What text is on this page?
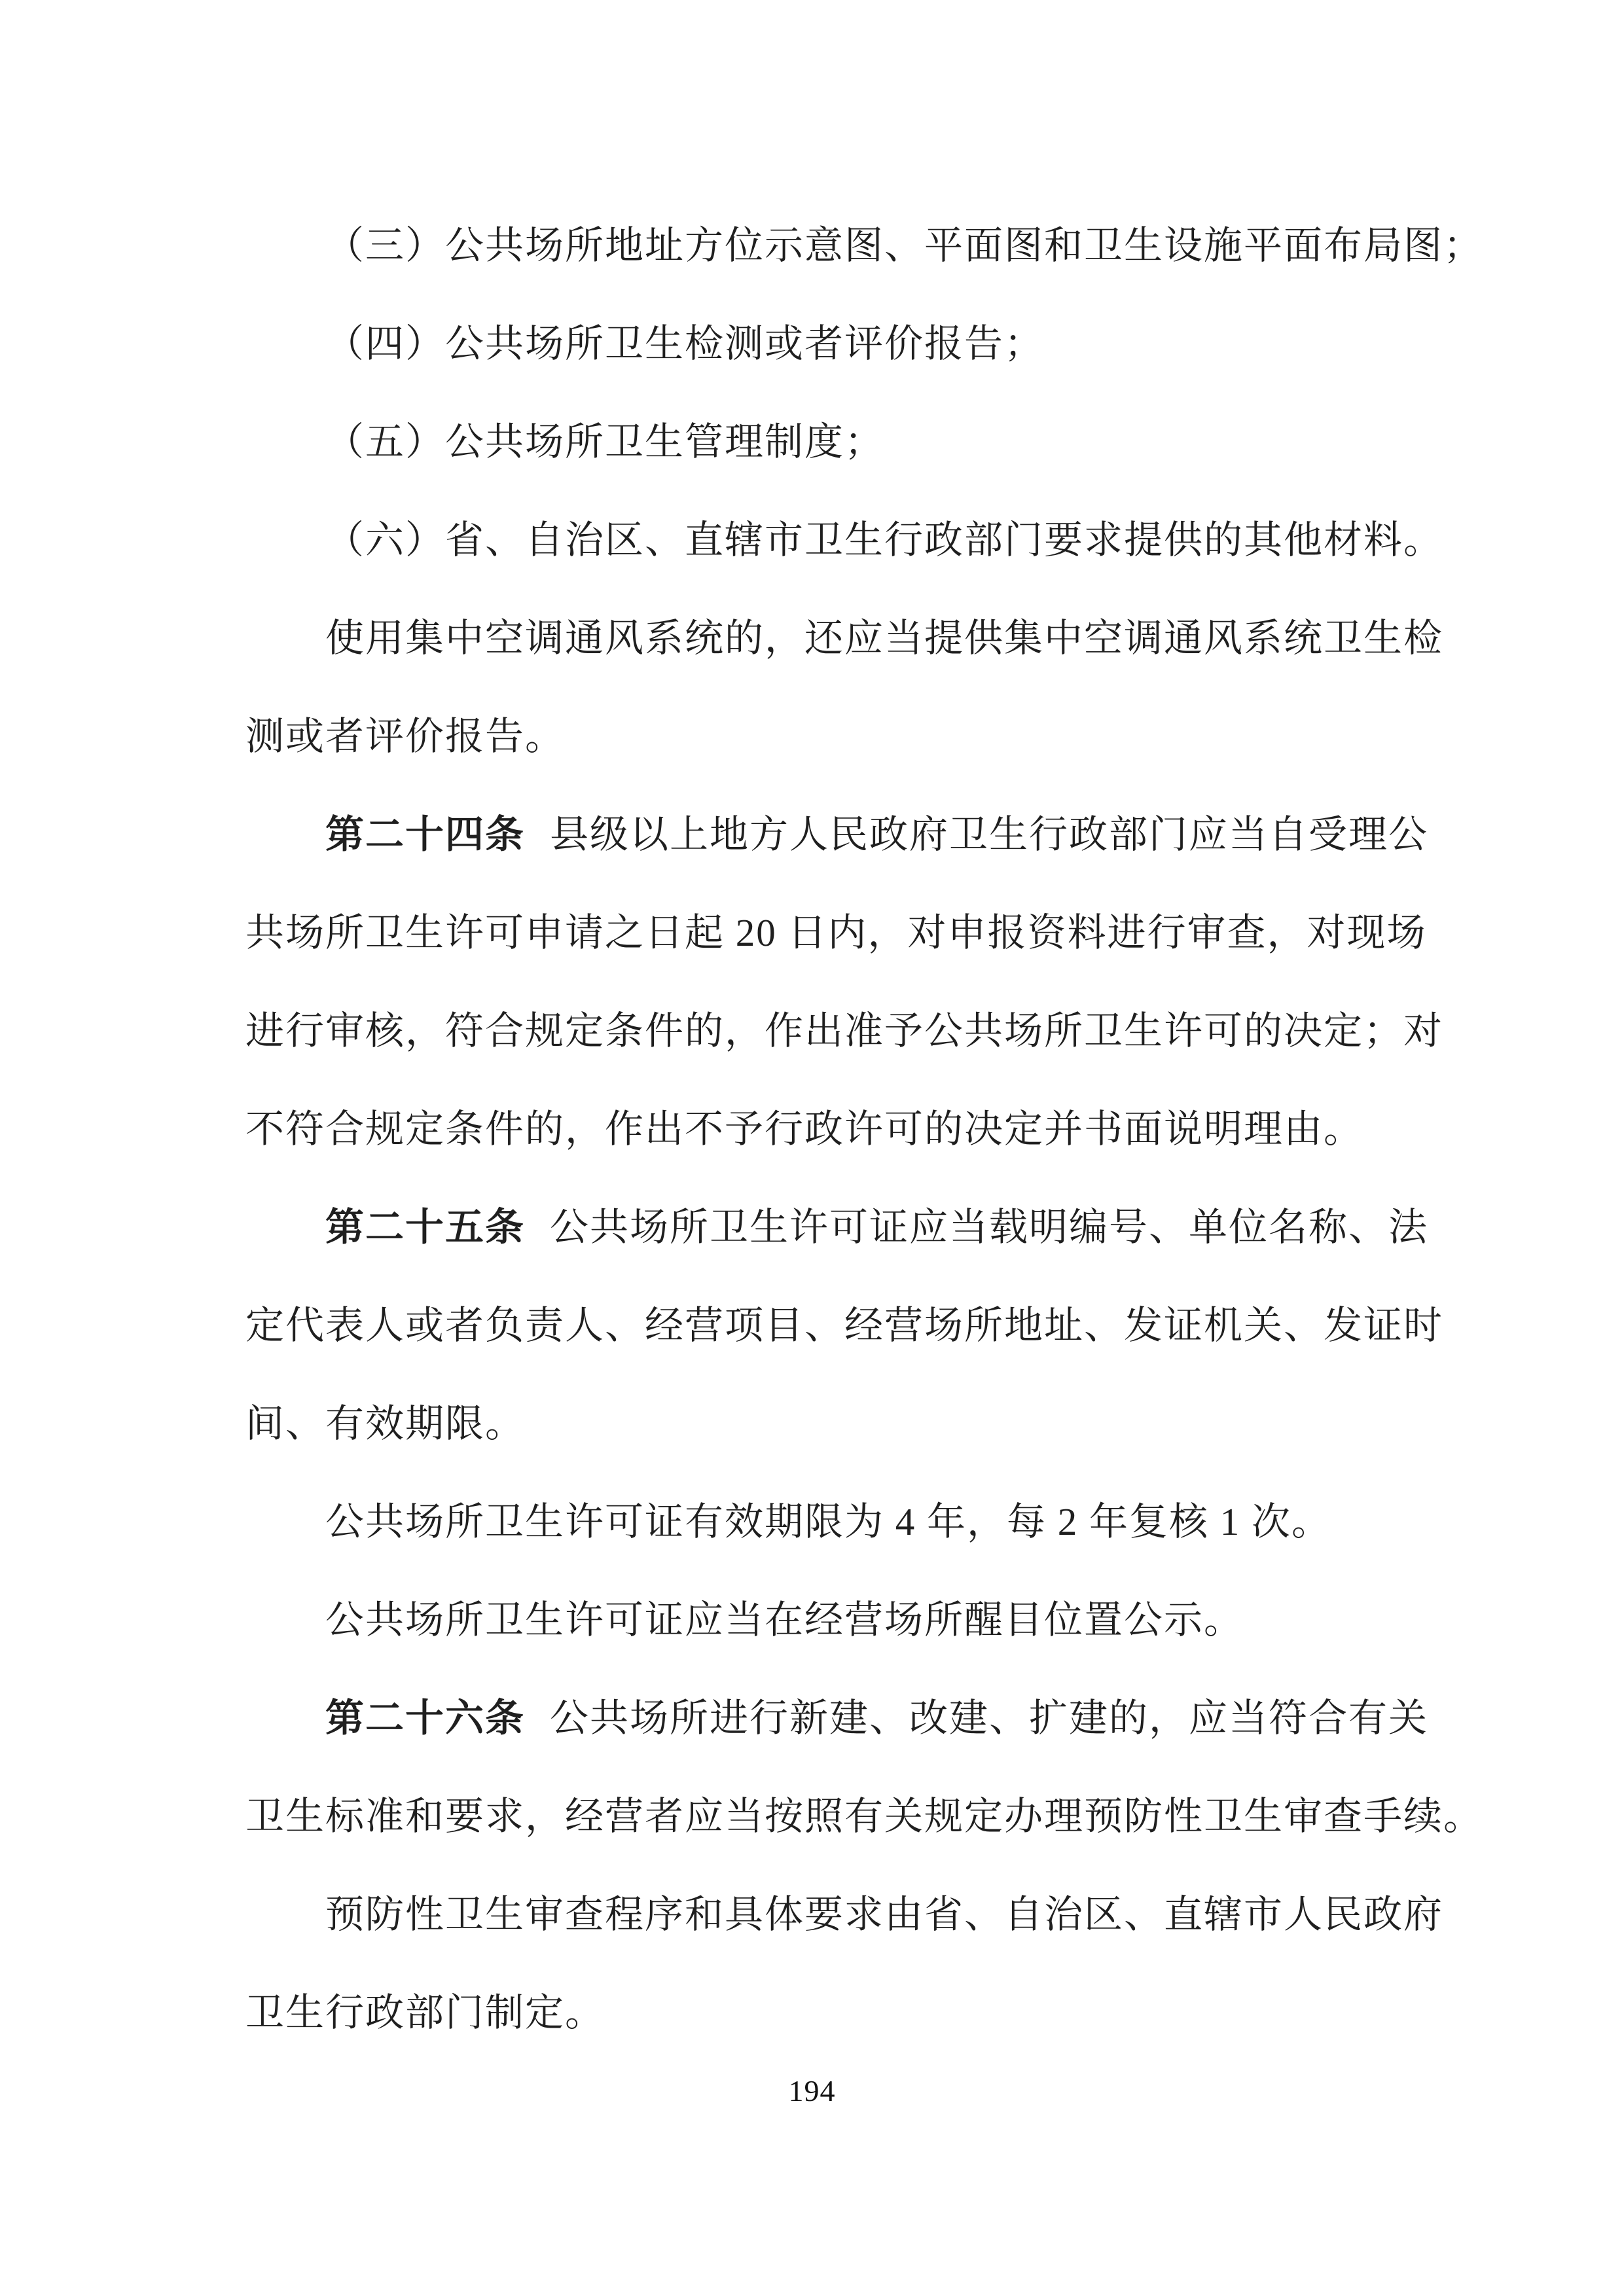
（三）公共场所地址方位示意图、平面图和卫生设施平面布局图；
（四）公共场所卫生检测或者评价报告；
（五）公共场所卫生管理制度；
（六）省、自治区、直辖市卫生行政部门要求提供的其他材料。
使用集中空调通风系统的，还应当提供集中空调通风系统卫生检
测或者评价报告。
第二十四条 县级以上地方人民政府卫生行政部门应当自受理公
共场所卫生许可申请之日起 20 日内，对申报资料进行审查，对现场
进行审核，符合规定条件的，作出准予公共场所卫生许可的决定；对
不符合规定条件的，作出不予行政许可的决定并书面说明理由。
第二十五条 公共场所卫生许可证应当载明编号、单位名称、法
定代表人或者负责人、经营项目、经营场所地址、发证机关、发证时
间、有效期限。
公共场所卫生许可证有效期限为 4 年，每 2 年复核 1 次。
公共场所卫生许可证应当在经营场所醒目位置公示。
第二十六条 公共场所进行新建、改建、扩建的，应当符合有关
卫生标准和要求，经营者应当按照有关规定办理预防性卫生审查手续。
预防性卫生审查程序和具体要求由省、自治区、直辖市人民政府
卫生行政部门制定。
194
